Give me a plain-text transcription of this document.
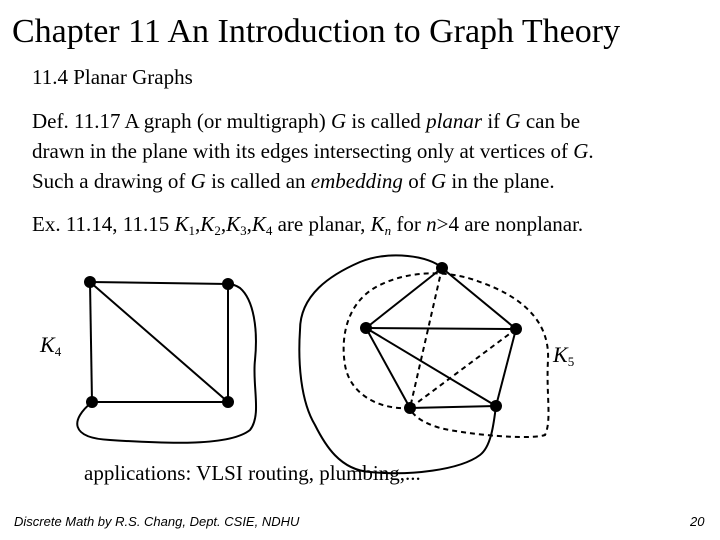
Chapter 11 An Introduction to Graph Theory
11.4 Planar Graphs
Def. 11.17 A graph (or multigraph) G is called planar if G can be
drawn in the plane with its edges intersecting only at vertices of G.
Such a drawing of G is called an embedding of G in the plane.
Ex. 11.14, 11.15 $K_1,K_2,K_3,K_4$ are planar, $K_n$ for n>4 are nonplanar.
$K_4$	$K_5$
applications: VLSI routing, plumbing,...
Discrete Math by R.S. Chang, Dept. CSIE, NDHU	20
